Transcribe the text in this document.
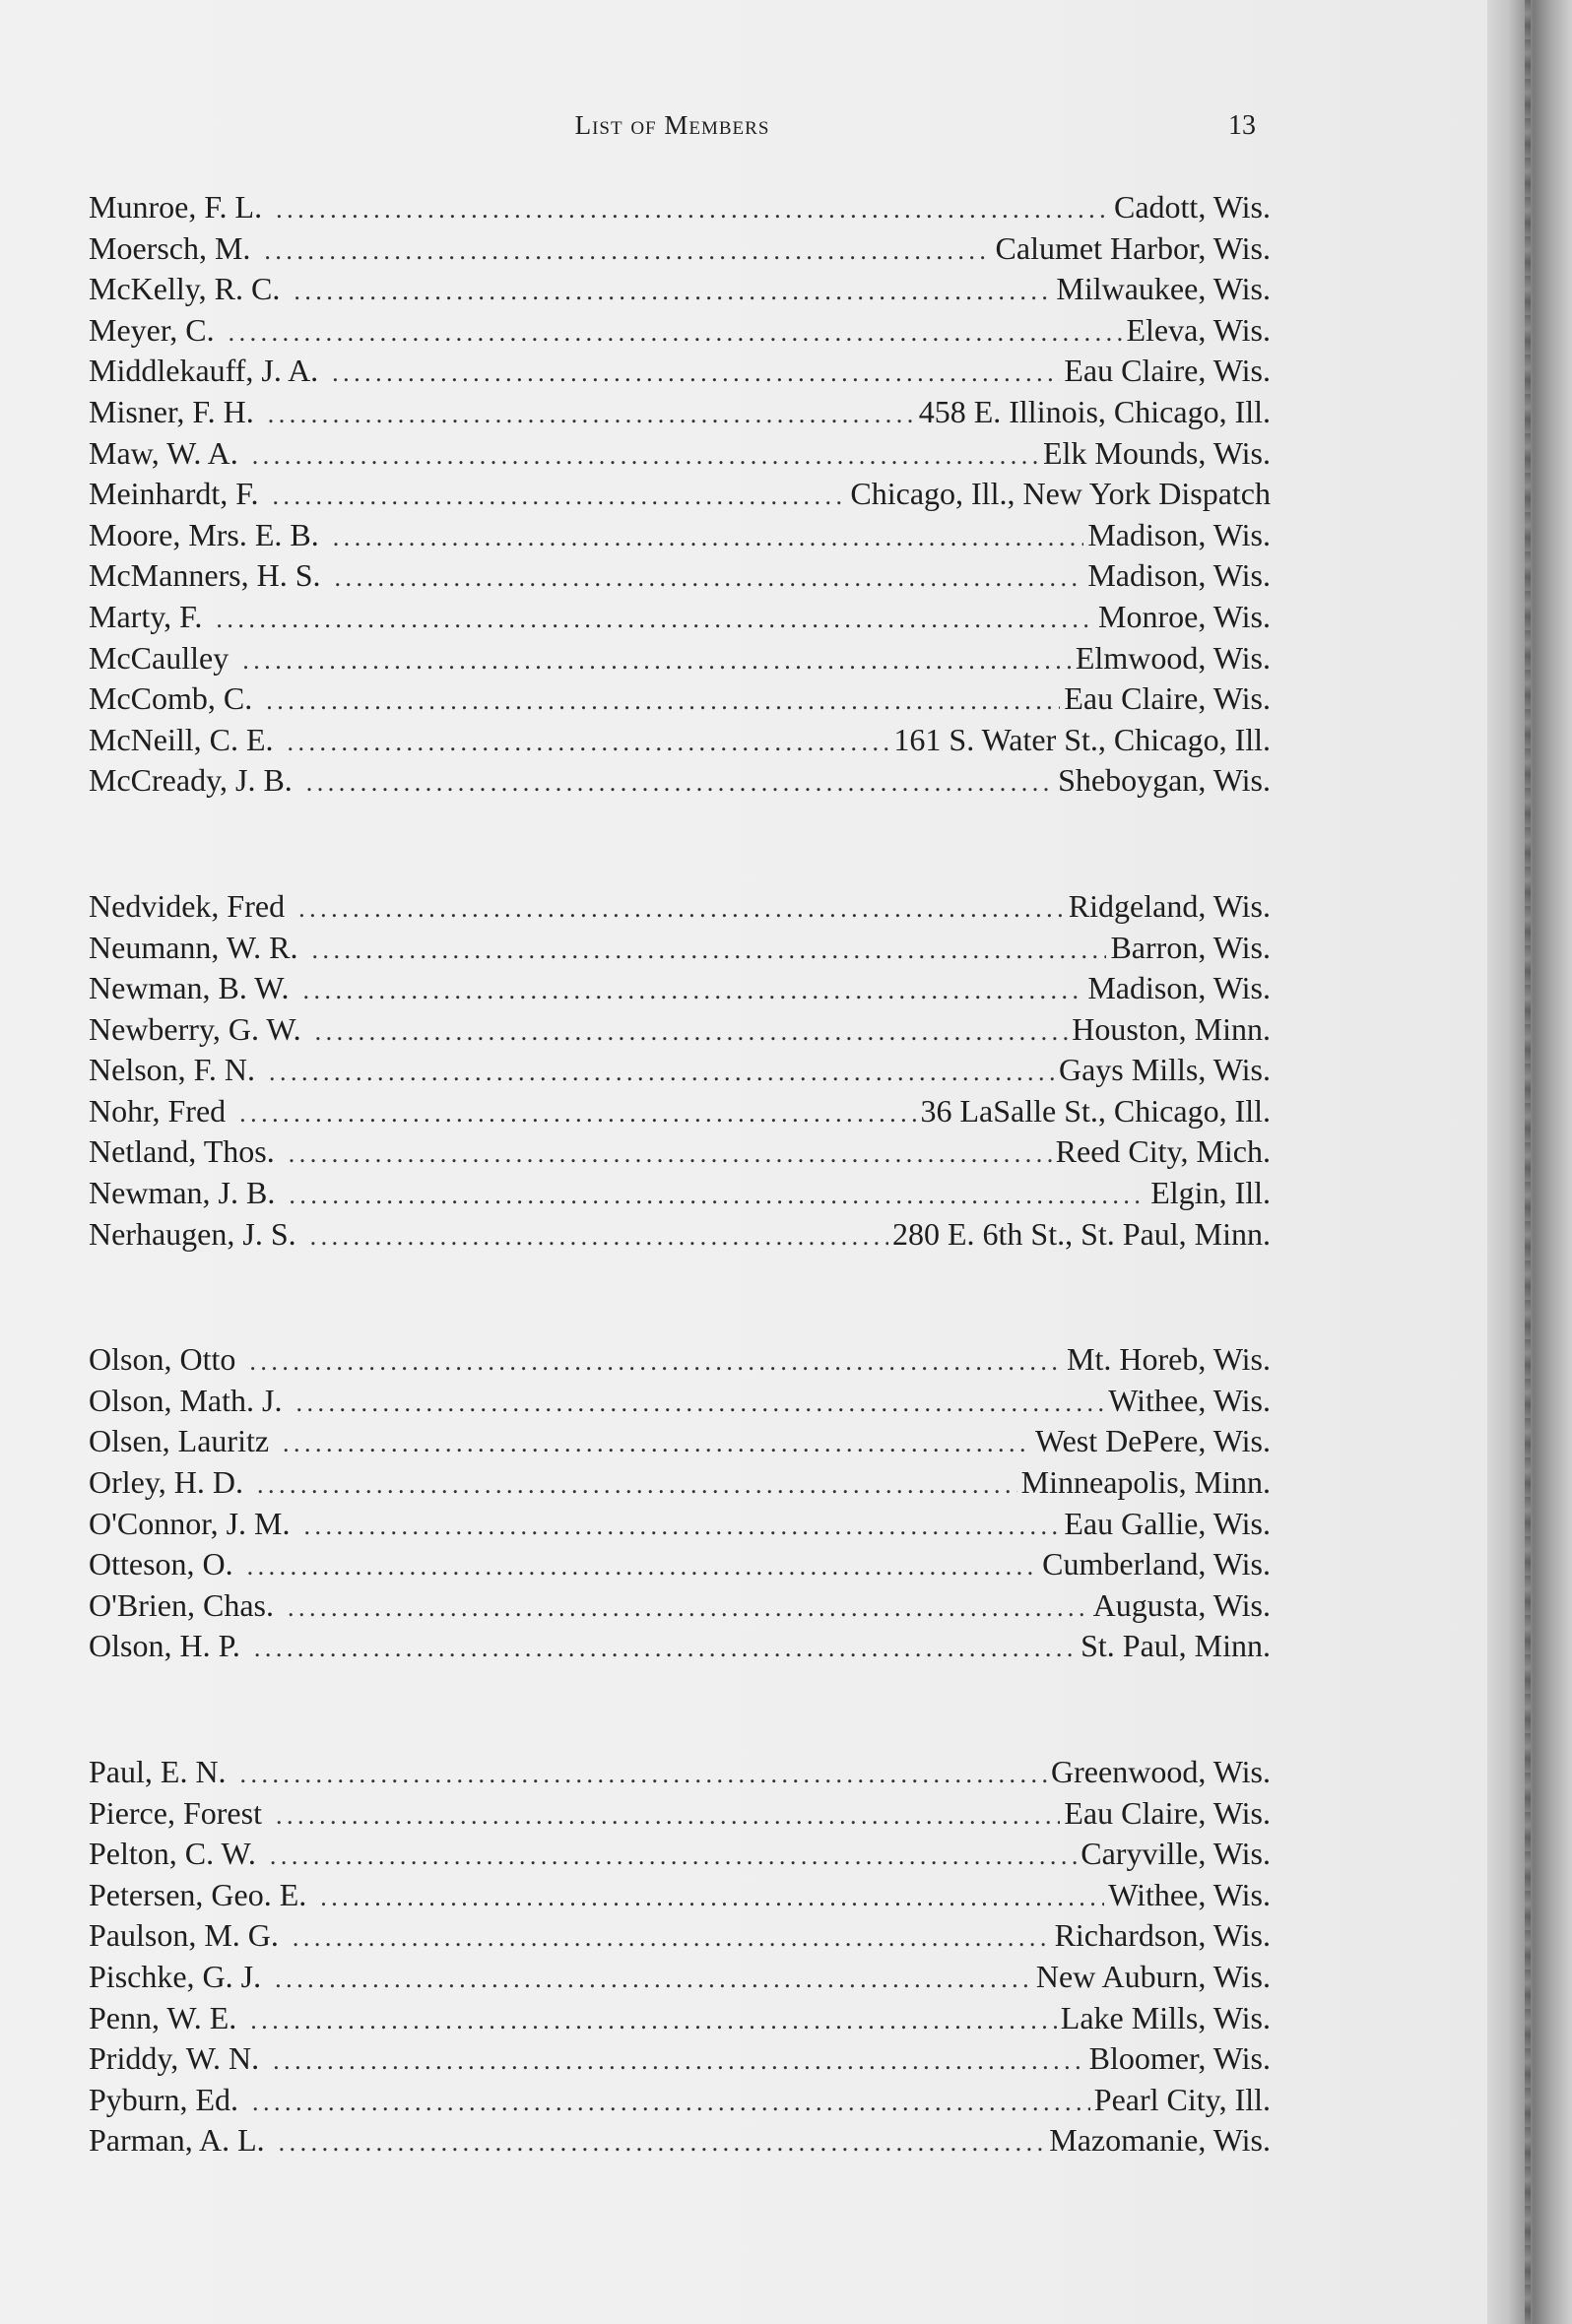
List of Members	13
Munroe, F. L. . . .	Cadott, Wis.
Moersch, M. . . .	Calumet Harbor, Wis.
McKelly, R. C. . . .	Milwaukee, Wis.
Meyer, C. . . .	Eleva, Wis.
Middlekauff, J. A. . . .	Eau Claire, Wis.
Misner, F. H. . . .	458 E. Illinois, Chicago, Ill.
Maw, W. A. . . .	Elk Mounds, Wis.
Meinhardt, F. . . .	Chicago, Ill., New York Dispatch
Moore, Mrs. E. B. . . .	Madison, Wis.
McManners, H. S. . . .	Madison, Wis.
Marty, F. . . .	Monroe, Wis.
McCaulley . . .	Elmwood, Wis.
McComb, C. . . .	Eau Claire, Wis.
McNeill, C. E. . . .	161 S. Water St., Chicago, Ill.
McCready, J. B. . . .	Sheboygan, Wis.
Nedvidek, Fred . . .	Ridgeland, Wis.
Neumann, W. R. . . .	Barron, Wis.
Newman, B. W. . . .	Madison, Wis.
Newberry, G. W. . . .	Houston, Minn.
Nelson, F. N. . . .	Gays Mills, Wis.
Nohr, Fred . . .	36 LaSalle St., Chicago, Ill.
Netland, Thos. . . .	Reed City, Mich.
Newman, J. B. . . .	Elgin, Ill.
Nerhaugen, J. S. . . .	280 E. 6th St., St. Paul, Minn.
Olson, Otto . . .	Mt. Horeb, Wis.
Olson, Math. J. . . .	Withee, Wis.
Olsen, Lauritz . . .	West DePere, Wis.
Orley, H. D. . . .	Minneapolis, Minn.
O'Connor, J. M. . . .	Eau Gallie, Wis.
Otteson, O. . . .	Cumberland, Wis.
O'Brien, Chas. . . .	Augusta, Wis.
Olson, H. P. . . .	St. Paul, Minn.
Paul, E. N. . . .	Greenwood, Wis.
Pierce, Forest . . .	Eau Claire, Wis.
Pelton, C. W. . . .	Caryville, Wis.
Petersen, Geo. E. . . .	Withee, Wis.
Paulson, M. G. . . .	Richardson, Wis.
Pischke, G. J. . . .	New Auburn, Wis.
Penn, W. E. . . .	Lake Mills, Wis.
Priddy, W. N. . . .	Bloomer, Wis.
Pyburn, Ed. . . .	Pearl City, Ill.
Parman, A. L. . . .	Mazomanie, Wis.
